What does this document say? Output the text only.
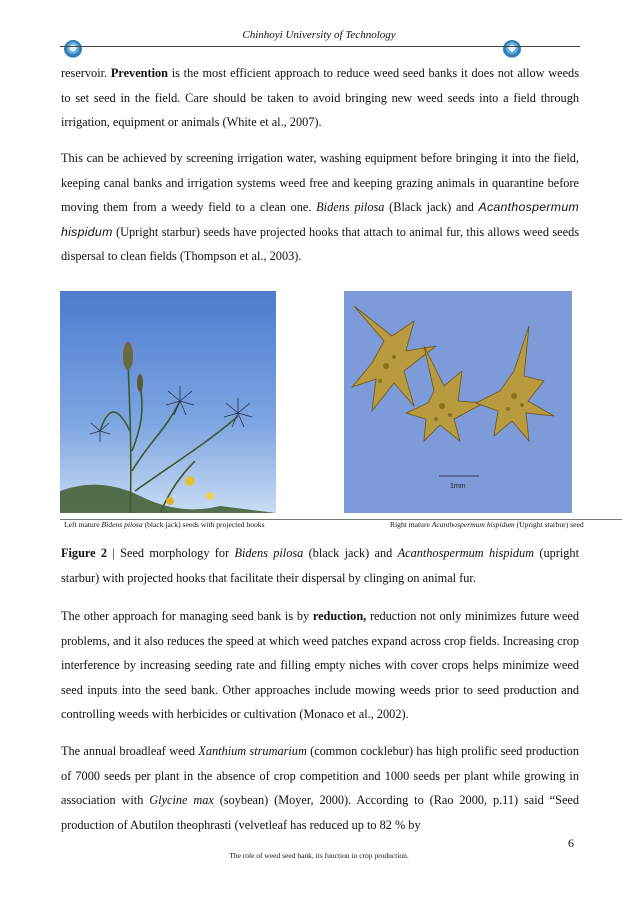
Chinhoyi University of Technology
reservoir. Prevention is the most efficient approach to reduce weed seed banks it does not allow weeds to set seed in the field. Care should be taken to avoid bringing new weed seeds into a field through irrigation, equipment or animals (White et al., 2007).
This can be achieved by screening irrigation water, washing equipment before bringing it into the field, keeping canal banks and irrigation systems weed free and keeping grazing animals in quarantine before moving them from a weedy field to a clean one. Bidens pilosa (Black jack) and Acanthospermum hispidum (Upright starbur) seeds have projected hooks that attach to animal fur, this allows weed seeds dispersal to clean fields (Thompson et al., 2003).
1mm
Left mature Bidens pilosa (black jack) seeds with projected hooks	Right mature Acanthospermum hispidum (Upright starbur) seed
Figure 2 | Seed morphology for Bidens pilosa (black jack) and Acanthospermum hispidum (upright starbur) with projected hooks that facilitate their dispersal by clinging on animal fur.
The other approach for managing seed bank is by reduction, reduction not only minimizes future weed problems, and it also reduces the speed at which weed patches expand across crop fields. Increasing crop interference by increasing seeding rate and filling empty niches with cover crops helps minimize weed seed inputs into the seed bank. Other approaches include mowing weeds prior to seed production and controlling weeds with herbicides or cultivation (Monaco et al., 2002).
The annual broadleaf weed Xanthium strumarium (common cocklebur) has high prolific seed production of 7000 seeds per plant in the absence of crop competition and 1000 seeds per plant while growing in association with Glycine max (soybean) (Moyer, 2000). According to (Rao 2000, p.11) said “Seed production of Abutilon theophrasti (velvetleaf has reduced up to 82 % by
6
The role of weed seed bank, its function in crop production.
